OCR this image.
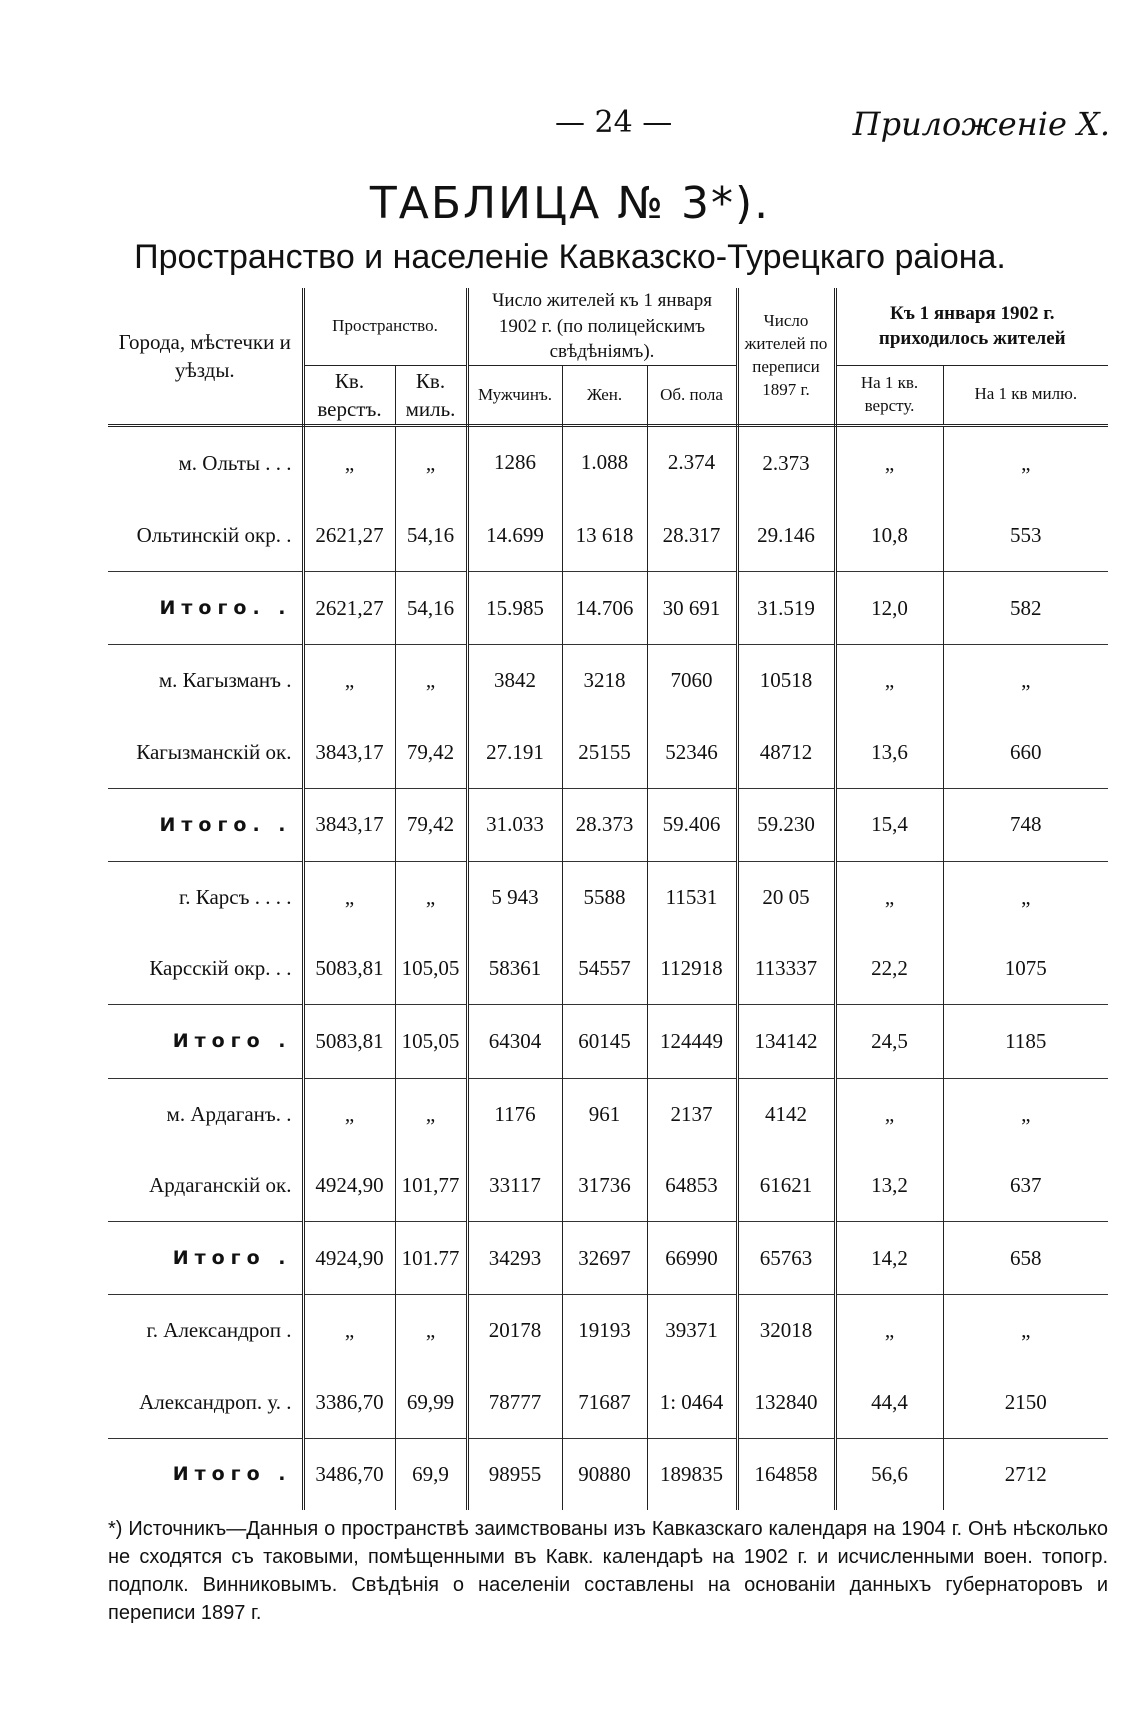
— 24 —	Приложеніе X.
ТАБЛИЦА № 3*).
Пространство и населеніе Кавказско-Турецкаго раіона.
Города, мѣстечки и уѣзды.	Пространство.		Число жителей къ 1 января 1902 г. (по полицейскимъ свѣдѣніямъ).			Число жителей по переписи 1897 г.	Къ 1 января 1902 г. приходилось жителей	
	Кв. верстъ.	Кв. миль.	Мужчинъ.	Жен.	Об. пола		На 1 кв. версту.	На 1 кв милю.

м. Ольты . . .	„	„	1286	1.088	2.374	2.373	„	„
Ольтинскій окр. .	2621,27	54,16	14.699	13 618	28.317	29.146	10,8	553
Итого. .	2621,27	54,16	15.985	14.706	30 691	31.519	12,0	582
м. Кагызманъ .	„	„	3842	3218	7060	10518	„	„
Кагызманскій ок.	3843,17	79,42	27.191	25155	52346	48712	13,6	660
Итого. .	3843,17	79,42	31.033	28.373	59.406	59.230	15,4	748
г. Карсъ . . . .	„	„	5 943	5588	11531	20 05	„	„
Карсскій окр. . .	5083,81	105,05	58361	54557	112918	113337	22,2	1075
Итого .	5083,81	105,05	64304	60145	124449	134142	24,5	1185
м. Ардаганъ. .	„	„	1176	961	2137	4142	„	„
Ардаганскій ок.	4924,90	101,77	33117	31736	64853	61621	13,2	637
Итого .	4924,90	101.77	34293	32697	66990	65763	14,2	658
г. Александроп .	„	„	20178	19193	39371	32018	„	„
Александроп. у. .	3386,70	69,99	78777	71687	1: 0464	132840	44,4	2150
Итого .	3486,70	69,9	98955	90880	189835	164858	56,6	2712
*) Источникъ—Данныя о пространствѣ заимствованы изъ Кавказскаго календаря на 1904 г. Онѣ нѣсколько не сходятся съ таковыми, помѣщенными въ Кавк. календарѣ на 1902 г. и исчисленными воен. топогр. подполк. Винниковымъ. Свѣдѣнія о населеніи составлены на основаніи данныхъ губернаторовъ и переписи 1897 г.
